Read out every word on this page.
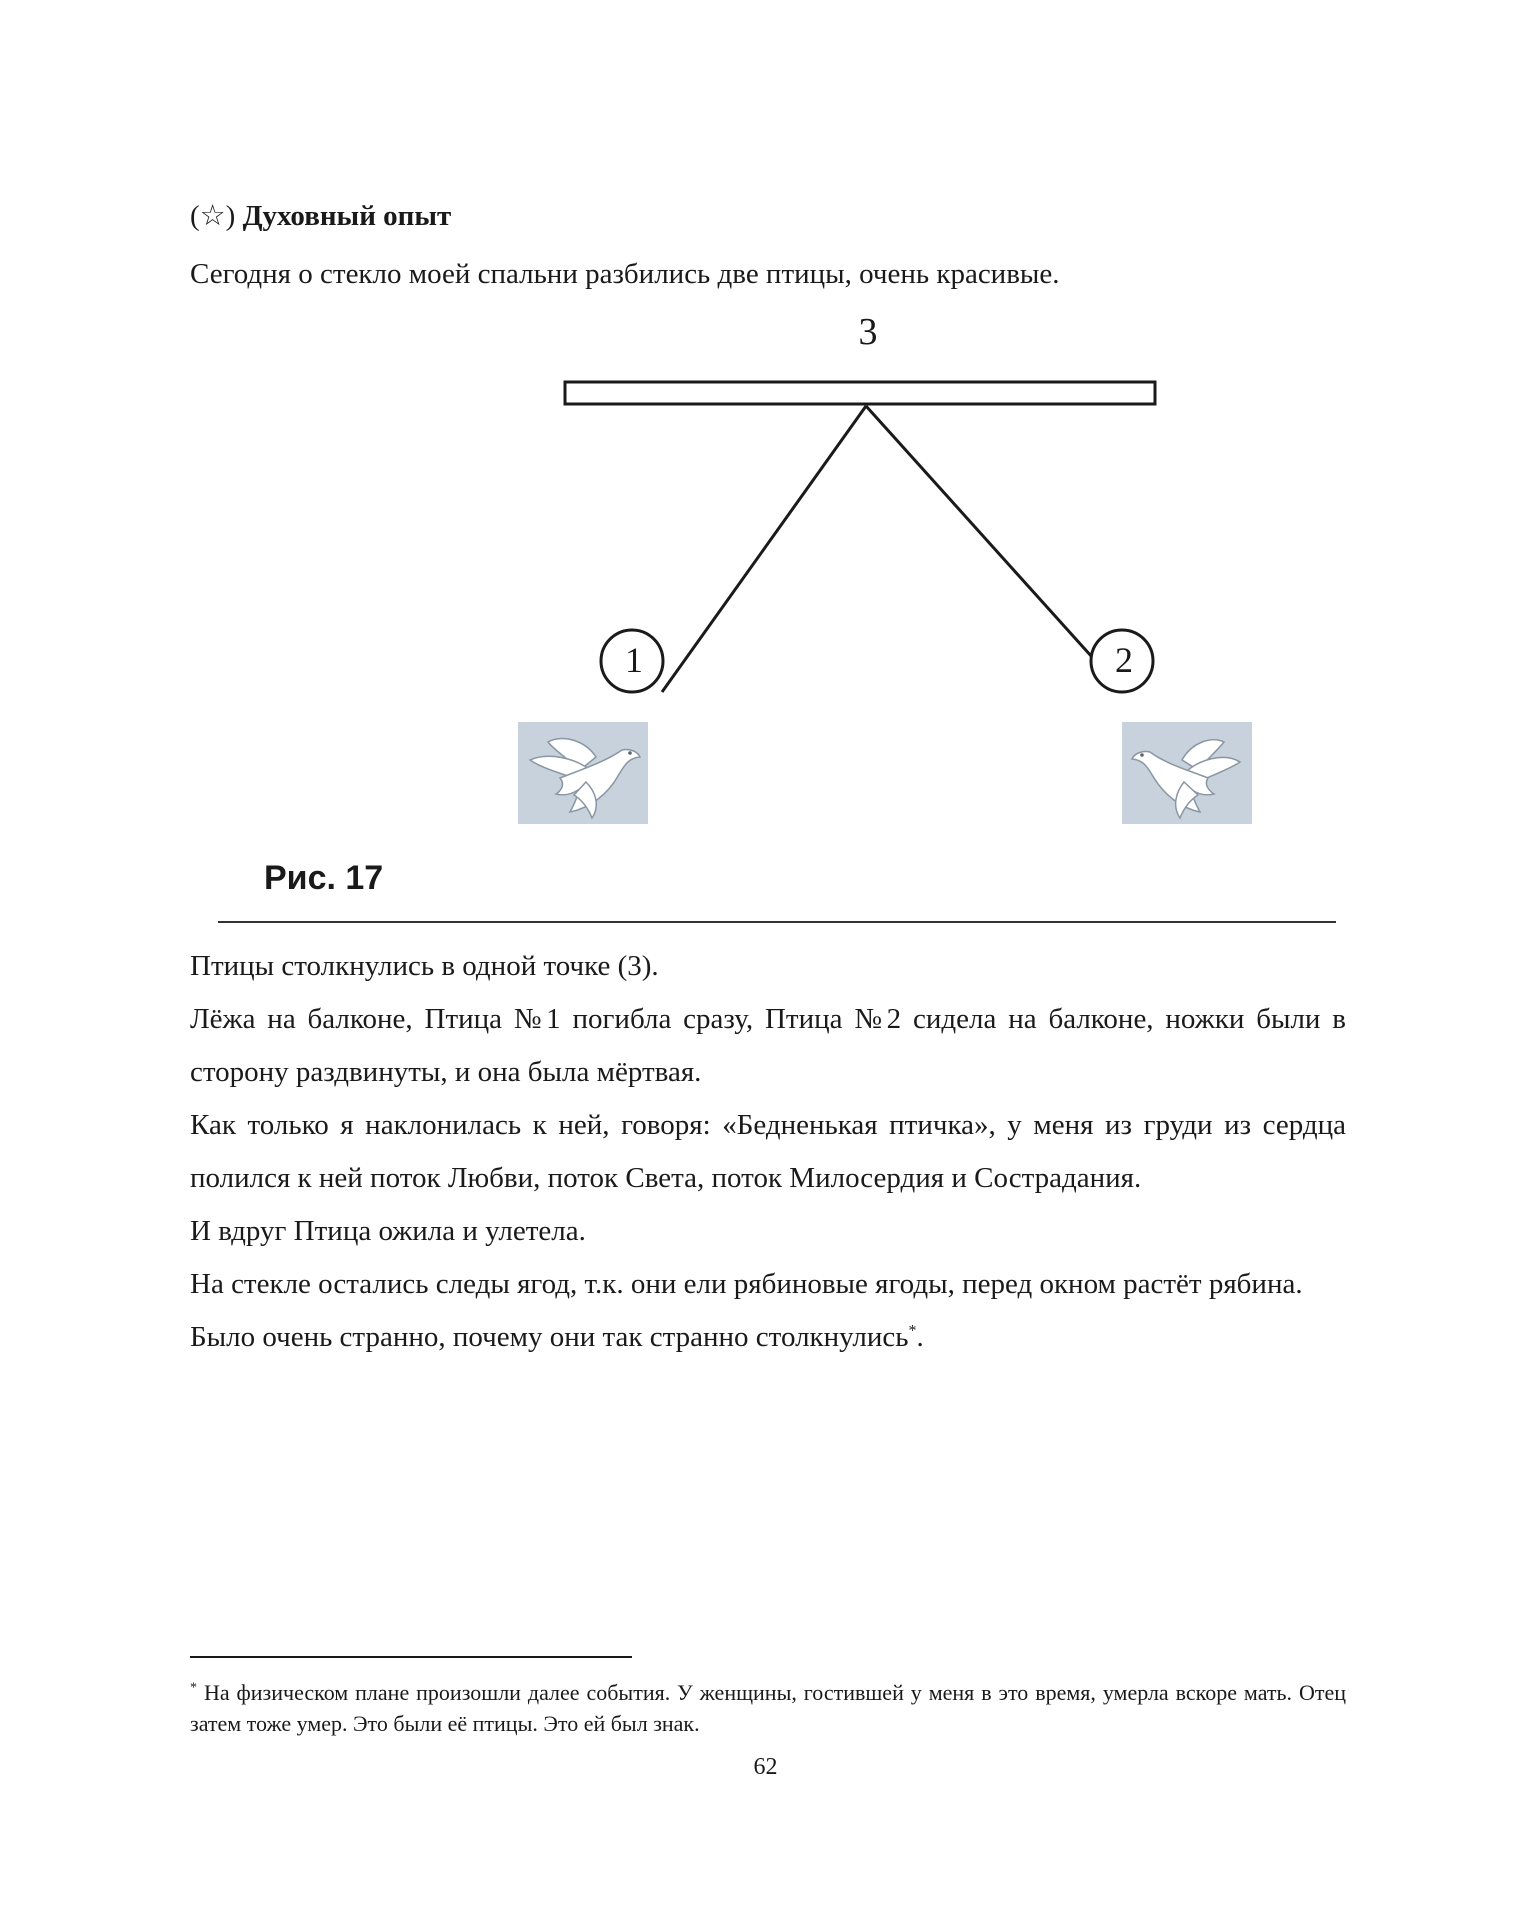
(☆) Духовный опыт
Сегодня о стекло моей спальни разбились две птицы, очень красивые.
3
1	2
Рис. 17

Птицы столкнулись в одной точке (3).

Лёжа на балконе, Птица №1 погибла сразу, Птица №2 сидела на балконе, ножки были в сторону раздвинуты, и она была мёртвая.

Как только я наклонилась к ней, говоря: «Бедненькая птичка», у меня из груди из сердца полился к ней поток Любви, поток Света, поток Милосердия и Сострадания.

И вдруг Птица ожила и улетела.

На стекле остались следы ягод, т.к. они ели рябиновые ягоды, перед окном растёт рябина.

Было очень странно, почему они так странно столкнулись*.

* На физическом плане произошли далее события. У женщины, гостившей у меня в это время, умерла вскоре мать. Отец затем тоже умер. Это были её птицы. Это ей был знак.
62
